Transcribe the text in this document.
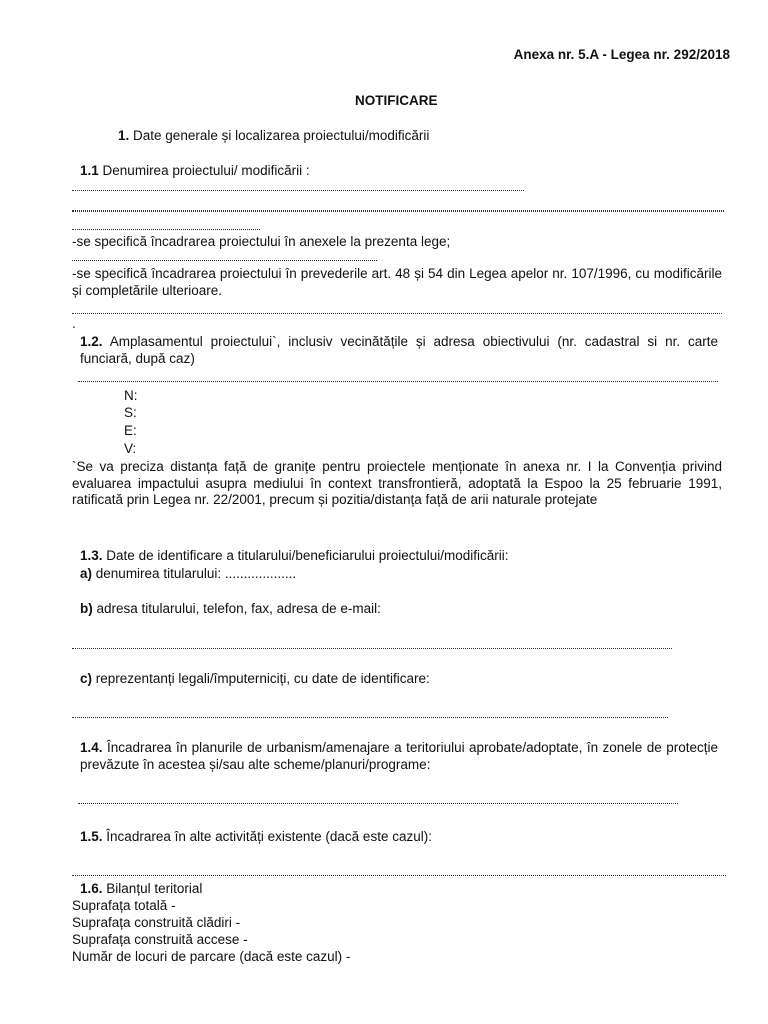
Anexa nr. 5.A - Legea nr. 292/2018
NOTIFICARE
1. Date generale și localizarea proiectului/modificării
1.1 Denumirea proiectului/ modificării :
-se specifică încadrarea proiectului în anexele la prezenta lege;
-se specifică încadrarea proiectului în prevederile art. 48 și 54 din Legea apelor nr. 107/1996, cu modificările și completările ulterioare.
.
1.2. Amplasamentul proiectului`, inclusiv vecinătățile și adresa obiectivului (nr. cadastral si nr. carte funciară, după caz)
N:
S:
E:
V:
`Se va preciza distanța față de granițe pentru proiectele menționate în anexa nr. I la Convenția privind evaluarea impactului asupra mediului în context transfrontieră, adoptată la Espoo la 25 februarie 1991, ratificată prin Legea nr. 22/2001, precum și pozitia/distanța față de arii naturale protejate
1.3. Date de identificare a titularului/beneficiarului proiectului/modificării:
a) denumirea titularului: ...................
b) adresa titularului, telefon, fax, adresa de e-mail:
c) reprezentanți legali/împuterniciți, cu date de identificare:
1.4. Încadrarea în planurile de urbanism/amenajare a teritoriului aprobate/adoptate, în zonele de protecție prevăzute în acestea și/sau alte scheme/planuri/programe:
1.5. Încadrarea în alte activități existente (dacă este cazul):
1.6. Bilanțul teritorial
Suprafața totală -
Suprafața construită clădiri -
Suprafața construită accese -
Număr de locuri de parcare (dacă este cazul) -
